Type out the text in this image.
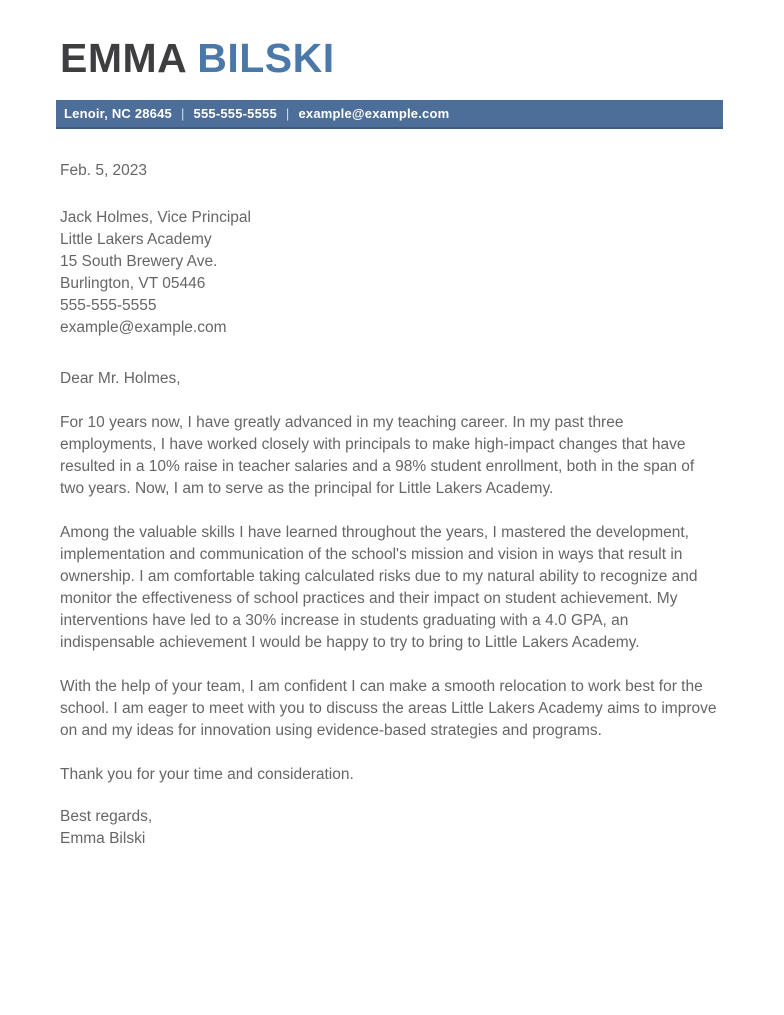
EMMA BILSKI
Lenoir, NC 28645 | 555-555-5555 | example@example.com
Feb. 5, 2023
Jack Holmes, Vice Principal
Little Lakers Academy
15 South Brewery Ave.
Burlington, VT 05446
555-555-5555
example@example.com
Dear Mr. Holmes,

For 10 years now, I have greatly advanced in my teaching career. In my past three employments, I have worked closely with principals to make high-impact changes that have resulted in a 10% raise in teacher salaries and a 98% student enrollment, both in the span of two years. Now, I am to serve as the principal for Little Lakers Academy.

Among the valuable skills I have learned throughout the years, I mastered the development, implementation and communication of the school's mission and vision in ways that result in ownership. I am comfortable taking calculated risks due to my natural ability to recognize and monitor the effectiveness of school practices and their impact on student achievement. My interventions have led to a 30% increase in students graduating with a 4.0 GPA, an indispensable achievement I would be happy to try to bring to Little Lakers Academy.

With the help of your team, I am confident I can make a smooth relocation to work best for the school. I am eager to meet with you to discuss the areas Little Lakers Academy aims to improve on and my ideas for innovation using evidence-based strategies and programs.

Thank you for your time and consideration.
Best regards,
Emma Bilski
